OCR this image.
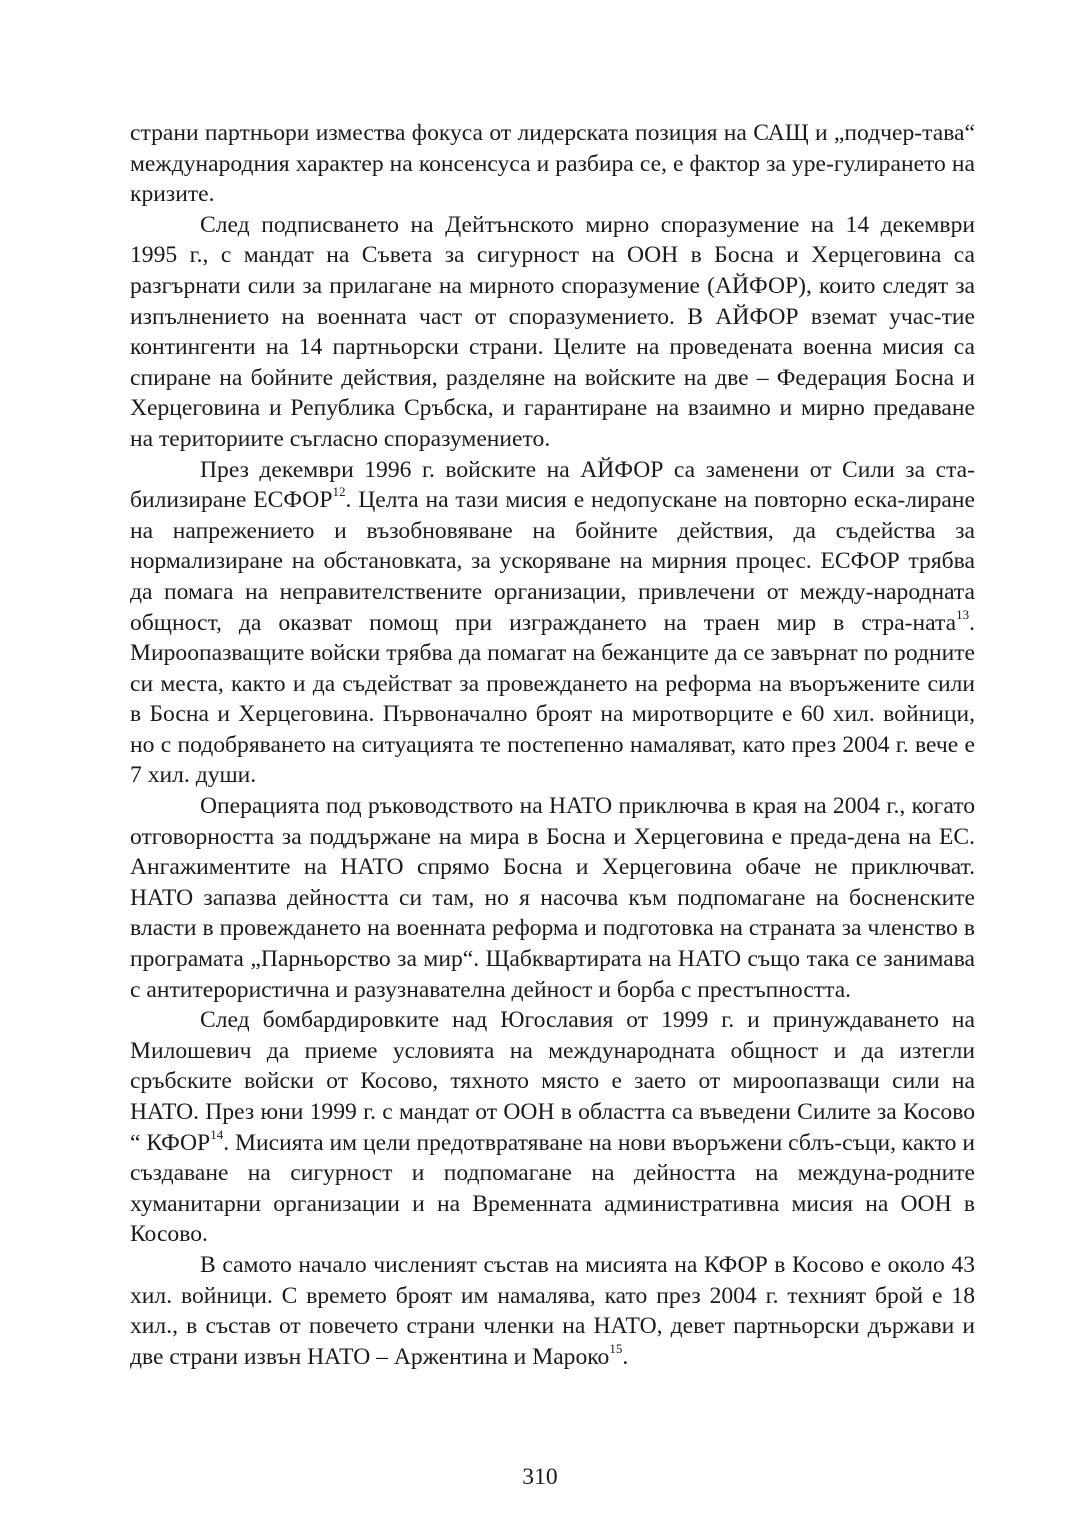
страни партньори измества фокуса от лидерската позиция на САЩ и „подчер-тава“ международния характер на консенсуса и разбира се, е фактор за уре-гулирането на кризите.

След подписването на Дейтънското мирно споразумение на 14 декември 1995 г., с мандат на Съвета за сигурност на ООН в Босна и Херцеговина са разгърнати сили за прилагане на мирното споразумение (АЙФОР), които следят за изпълнението на военната част от споразумението. В АЙФОР вземат учас-тие контингенти на 14 партньорски страни. Целите на проведената военна мисия са спиране на бойните действия, разделяне на войските на две – Федерация Босна и Херцеговина и Република Сръбска, и гарантиране на взаимно и мирно предаване на териториите съгласно споразумението.

През декември 1996 г. войските на АЙФОР са заменени от Сили за ста-билизиране ЕСФОР$^{12}$. Целта на тази мисия е недопускане на повторно ескa-лиране на напрежението и възобновяване на бойните действия, да съдейства за нормализиране на обстановката, за ускоряване на мирния процес. ЕСФОР трябва да помага на неправителствените организации, привлечени от между-народната общност, да оказват помощ при изграждането на траен мир в стра-ната$^{13}$. Мироопазващите войски трябва да помагат на бежанците да се завърнат по родните си места, както и да съдействат за провеждането на реформа на въоръжените сили в Босна и Херцеговина. Първоначално броят на миротворците е 60 хил. войници, но с подобряването на ситуацията те постепенно намаляват, като през 2004 г. вече е 7 хил. души.

Операцията под ръководството на НАТО приключва в края на 2004 г., когато отговорността за поддържане на мира в Босна и Херцеговина е преда-дена на ЕС. Ангажиментите на НАТО спрямо Босна и Херцеговина обаче не приключват. НАТО запазва дейността си там, но я насочва към подпомагане на босненските власти в провеждането на военната реформа и подготовка на страната за членство в програмата „Парньорство за мир“. Щабквартирата на НАТО също така се занимава с антитерористична и разузнавателна дейност и борба с престъпността.

След бомбардировките над Югославия от 1999 г. и принуждаването на Милошевич да приеме условията на международната общност и да изтегли сръбските войски от Косово, тяхното място е заето от мироопазващи сили на НАТО. През юни 1999 г. с мандат от ООН в областта са въведени Силите за Косово “ КФОР$^{14}$. Мисията им цели предотвратяване на нови въоръжени сблъ-съци, както и създаване на сигурност и подпомагане на дейността на междуна-родните хуманитарни организации и на Временната административна мисия на ООН в Косово.

В самото начало численият състав на мисията на КФОР в Косово е около 43 хил. войници. С времето броят им намалява, като през 2004 г. техният брой е 18 хил., в състав от повечето страни членки на НАТО, девет партньорски държави и две страни извън НАТО – Аржентина и Мароко$^{15}$.

310
